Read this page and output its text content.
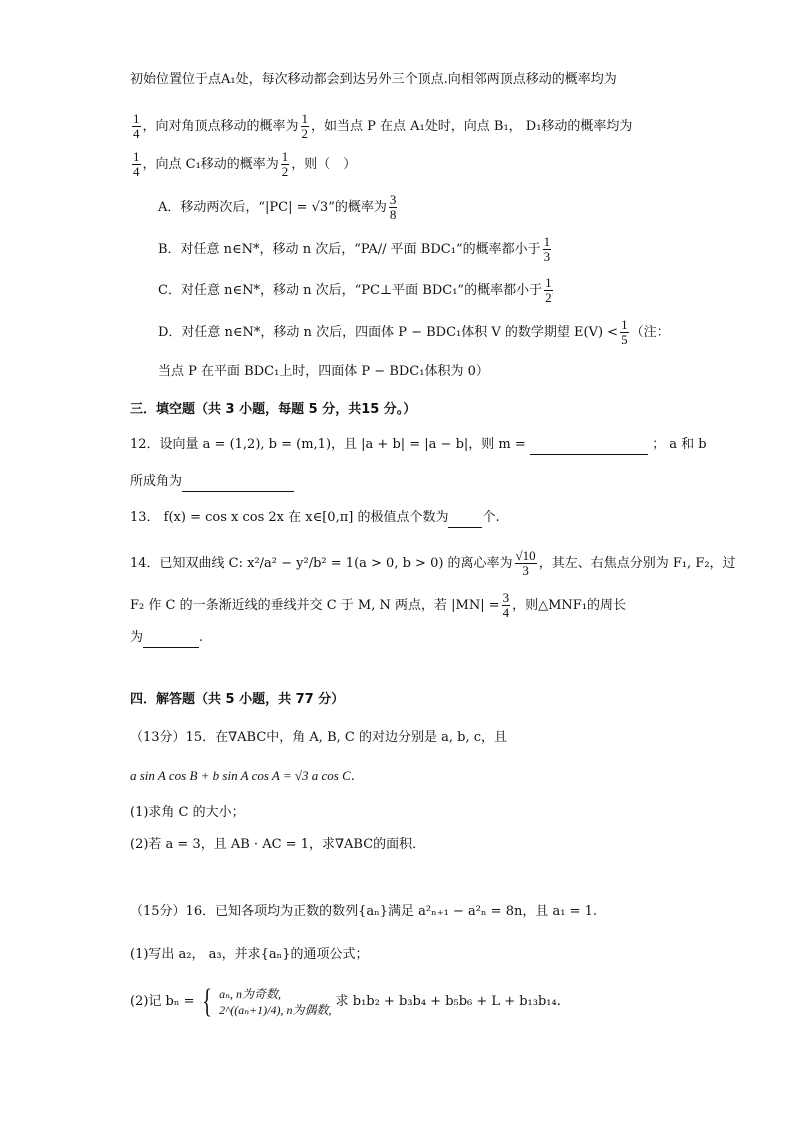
初始位置位于点A₁处，每次移动都会到达另外三个顶点.向相邻两顶点移动的概率均为
$\frac{1}{4}$ ，向对角顶点移动的概率为 $\frac{1}{2}$ ，如当点 P 在点 A₁处时，向点 B₁， D₁移动的概率均为
$\frac{1}{4}$ ，向点 C₁移动的概率为 $\frac{1}{2}$ ，则（　）
A．移动两次后，“|PC| = √3”的概率为 $\frac{3}{8}$
B．对任意 n∈N*，移动 n 次后，“PA// 平面 BDC₁”的概率都小于 $\frac{1}{3}$
C．对任意 n∈N*，移动 n 次后，“PC⊥平面 BDC₁”的概率都小于 $\frac{1}{2}$
D．对任意 n∈N*，移动 n 次后，四面体 P − BDC₁体积 V 的数学期望 $E(V) < \frac{1}{5}$ （注：
当点 P 在平面 BDC₁上时，四面体 P − BDC₁体积为 0）
三．填空题（共 3 小题，每题 5 分，共15 分。）
12．设向量 a = (1,2), b = (m,1)，且 |a + b| = |a − b|，则 m =	； a 和 b
所成角为
13． f(x) = cos x cos 2x 在 x∈[0,π] 的极值点个数为	个.
14．已知双曲线 C: x²/a² − y²/b² = 1(a > 0, b > 0) 的离心率为 $\frac{√10}{3}$ ，其左、右焦点分别为 F₁, F₂，过
F₂ 作 C 的一条渐近线的垂线并交 C 于 M, N 两点，若 $|MN| = \frac{3}{4}$ ，则△MNF₁的周长
为	.
四．解答题（共 5 小题，共 77 分）
（13分）15．在∇ABC中，角 A, B, C 的对边分别是 a, b, c，且
a sin A cos B + b sin A cos A = √3 a cos C.
(1)求角 C 的大小；
(2)若 a = 3，且 AB · AC = 1，求∇ABC的面积．
（15分）16．已知各项均为正数的数列{aₙ}满足 a²ₙ₊₁ − a²ₙ = 8n，且 a₁ = 1.
(1)写出 a₂， a₃，并求{aₙ}的通项公式；
(2)记 bₙ = { aₙ, n为奇数,
2^((aₙ+1)/4), n为偶数,
求 b₁b₂ + b₃b₄ + b₅b₆ + L + b₁₃b₁₄.
